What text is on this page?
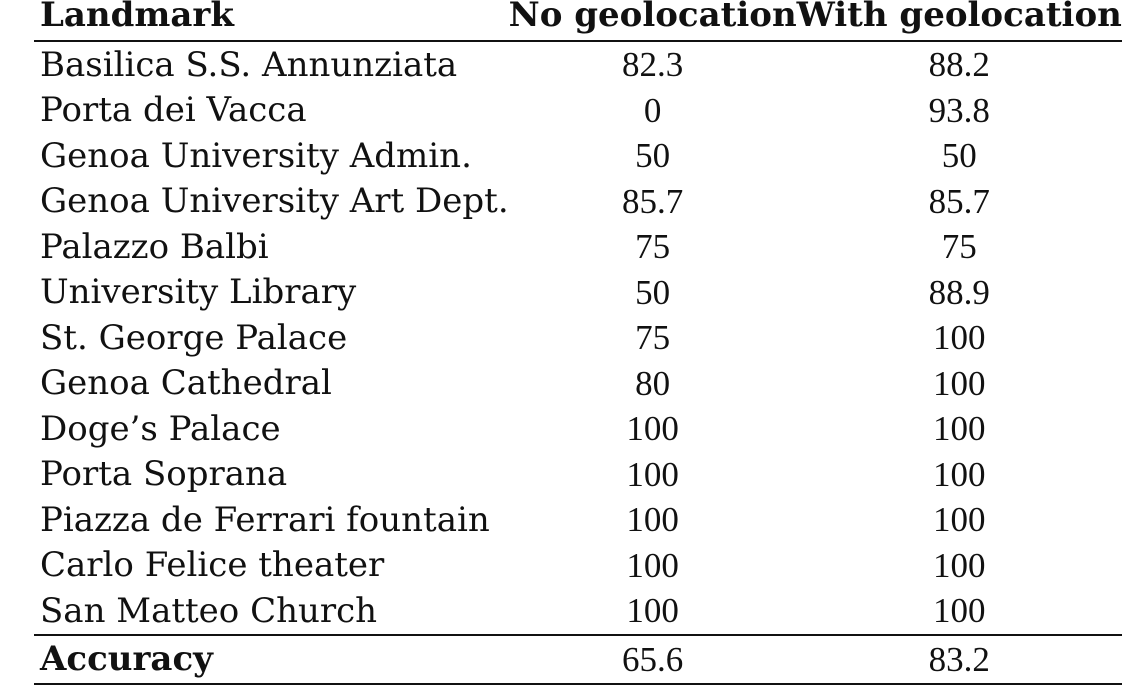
Landmark	No geolocation	With geolocation
Basilica S.S. Annunziata	82.3	88.2
Porta dei Vacca	0	93.8
Genoa University Admin.	50	50
Genoa University Art Dept.	85.7	85.7
Palazzo Balbi	75	75
University Library	50	88.9
St. George Palace	75	100
Genoa Cathedral	80	100
Doge’s Palace	100	100
Porta Soprana	100	100
Piazza de Ferrari fountain	100	100
Carlo Felice theater	100	100
San Matteo Church	100	100
Accuracy	65.6	83.2
